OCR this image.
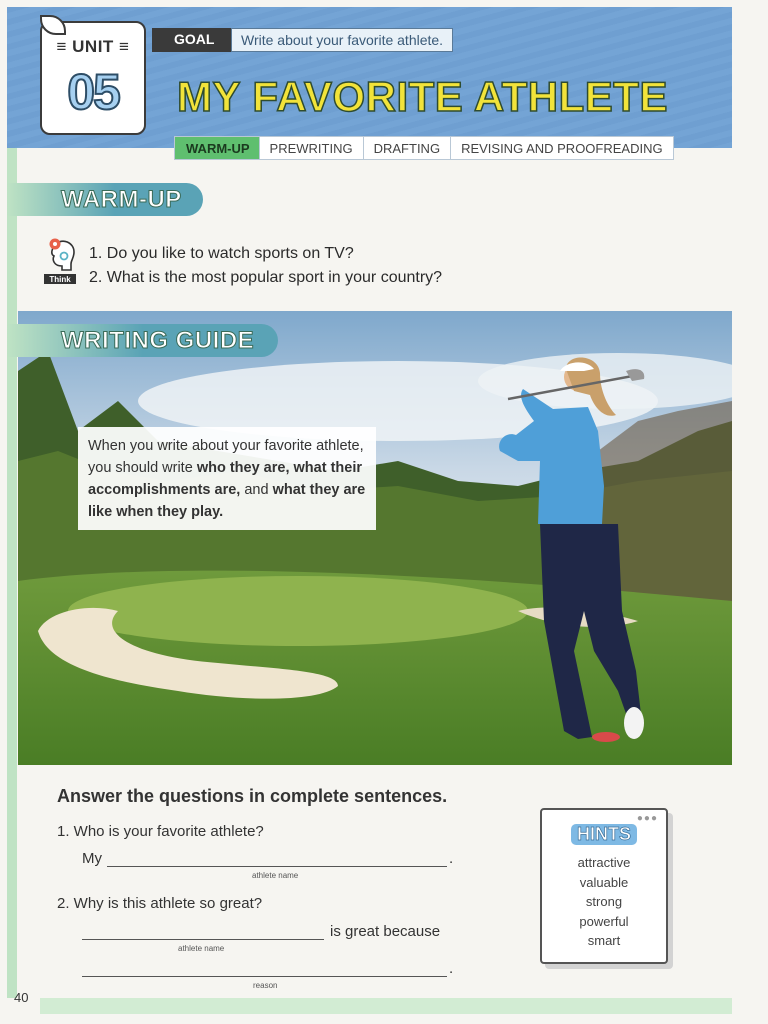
40
≡ UNIT ≡
05
GOAL	Write about your favorite athlete.
MY FAVORITE ATHLETE
WARM-UP	PREWRITING	DRAFTING	REVISING AND PROOFREADING
WARM-UP
Think
1. Do you like to watch sports on TV?
2. What is the most popular sport in your country?
WRITING GUIDE
When you write about your favorite athlete, you should write who they are, what their accomplishments are, and what they are like when they play.
Answer the questions in complete sentences.
1. Who is your favorite athlete?
My	.
athlete name
2. Why is this athlete so great?
is great because
athlete name
.
reason
●●●
HINTS
attractive
valuable
strong
powerful
smart
